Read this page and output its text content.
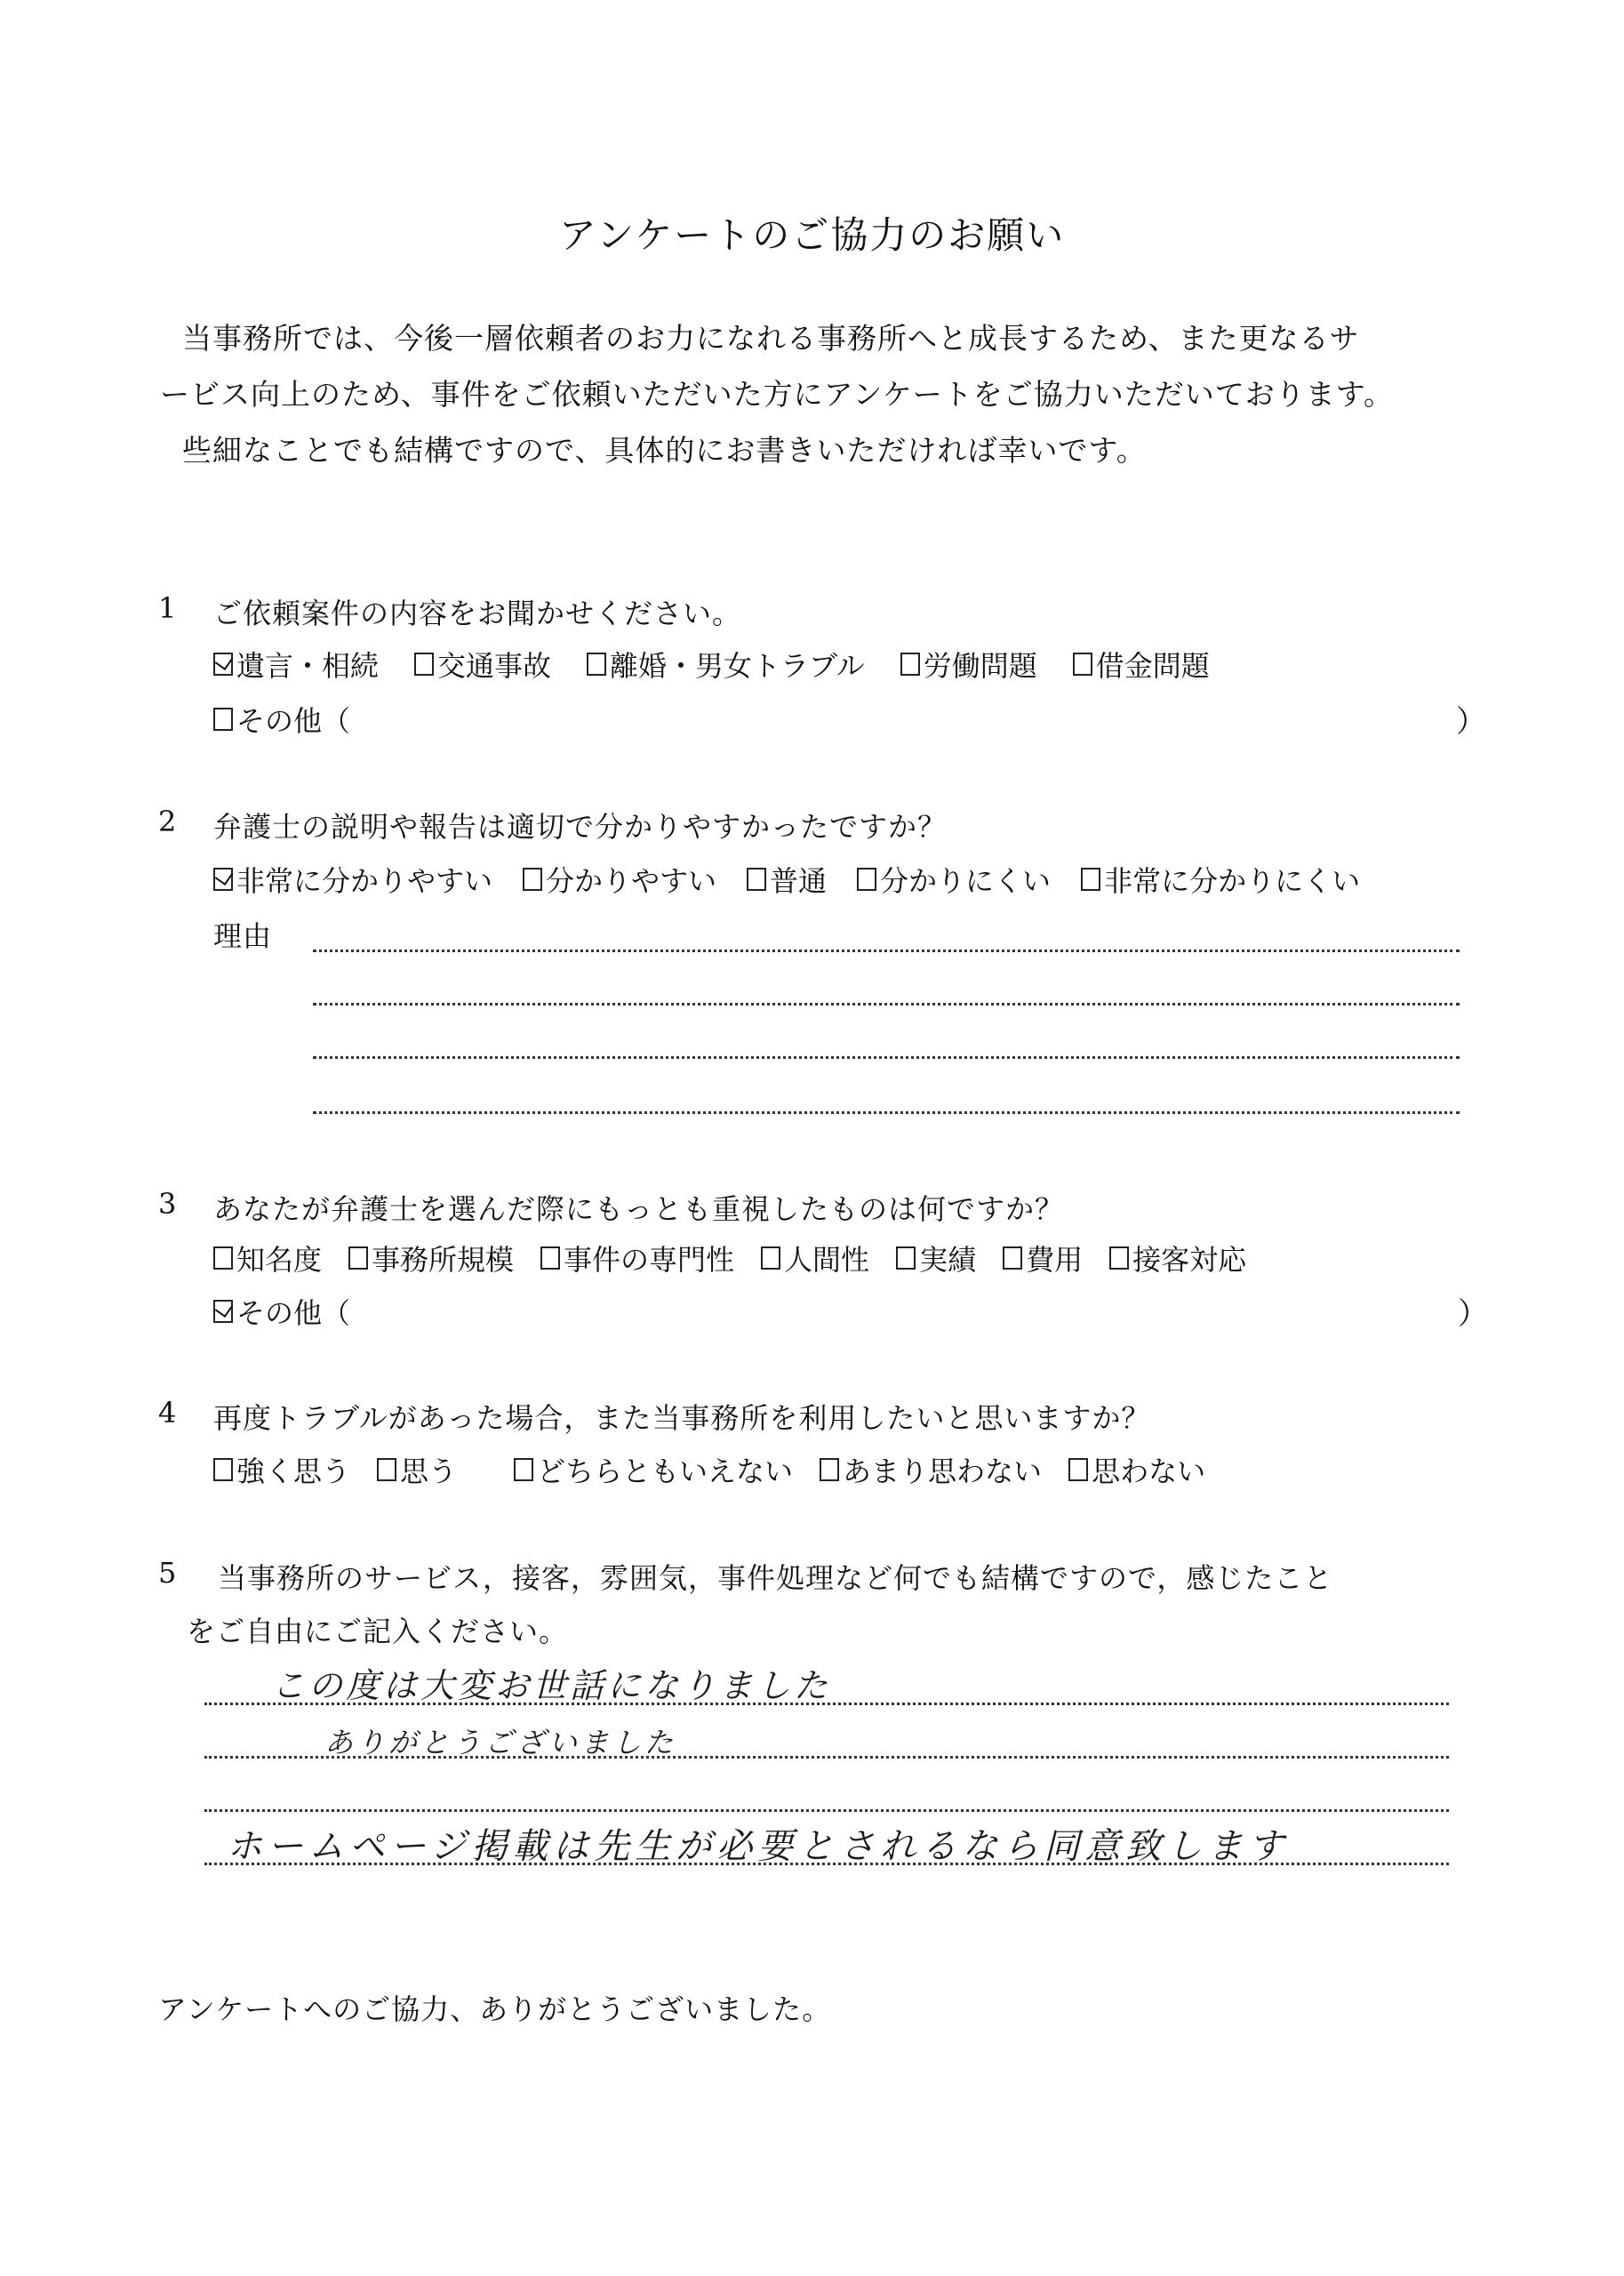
アンケートのご協力のお願い
当事務所では、今後一層依頼者のお力になれる事務所へと成長するため、また更なるサ
ービス向上のため、事件をご依頼いただいた方にアンケートをご協力いただいております。
些細なことでも結構ですので、具体的にお書きいただければ幸いです。
1 ご依頼案件の内容をお聞かせください。
遺言・相続 交通事故 離婚・男女トラブル 労働問題 借金問題
その他（	）
2 弁護士の説明や報告は適切で分かりやすかったですか？
非常に分かりやすい 分かりやすい 普通 分かりにくい 非常に分かりにくい
理由
3 あなたが弁護士を選んだ際にもっとも重視したものは何ですか？
知名度 事務所規模 事件の専門性 人間性 実績 費用 接客対応
その他（	）
4 再度トラブルがあった場合，また当事務所を利用したいと思いますか？
強く思う 思う	どちらともいえない あまり思わない 思わない
5 当事務所のサービス，接客，雰囲気，事件処理など何でも結構ですので，感じたこと
をご自由にご記入ください。
この度は大変お世話になりました
ありがとうございました
ホームページ掲載は先生が必要とされるなら同意致します
アンケートへのご協力、ありがとうございました。
